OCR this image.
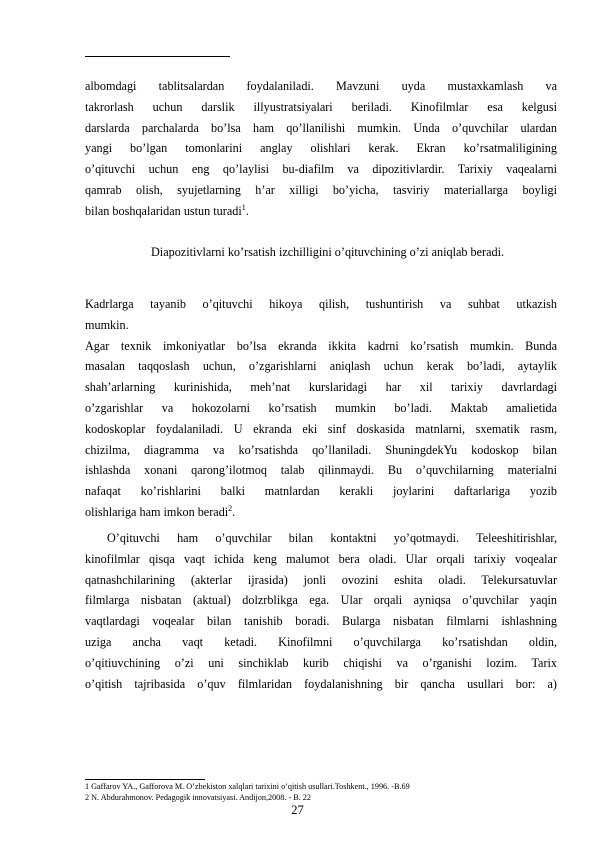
albomdagi tablitsalardan foydalaniladi. Mavzuni uyda mustaxkamlash va
takrorlash uchun darslik illyustratsiyalari beriladi. Kinofilmlar esa kelgusi
darslarda parchalarda bo’lsa ham qo’llanilishi mumkin. Unda o’quvchilar ulardan
yangi bo’lgan tomonlarini anglay olishlari kerak. Ekran ko’rsatmaliligining
o’qituvchi uchun eng qo’laylisi bu-diafilm va dipozitivlardir. Tarixiy vaqealarni
qamrab olish, syujetlarning h’ar xilligi bo’yicha, tasviriy materiallarga boyligi
bilan boshqalaridan ustun turadi$^1$.

Diapozitivlarni ko’rsatish izchilligini o’qituvchining o’zi aniqlab beradi.

Kadrlarga tayanib o’qituvchi hikoya qilish, tushuntirish va suhbat utkazish
mumkin.
Agar texnik imkoniyatlar bo’lsa ekranda ikkita kadrni ko’rsatish mumkin. Bunda
masalan taqqoslash uchun, o’zgarishlarni aniqlash uchun kerak bo’ladi, aytaylik
shah’arlarning kurinishida, meh’nat kurslaridagi har xil tarixiy davrlardagi
o’zgarishlar va hokozolarni ko’rsatish mumkin bo’ladi. Maktab amalietida
kodoskoplar foydalaniladi. U ekranda eki sinf doskasida matnlarni, sxematik rasm,
chizilma, diagramma va ko’rsatishda qo’llaniladi. ShuningdekYu kodoskop bilan
ishlashda xonani qarong’ilotmoq talab qilinmaydi. Bu o’quvchilarning materialni
nafaqat ko’rishlarini balki matnlardan kerakli joylarini daftarlariga yozib
olishlariga ham imkon beradi$^2$.

O’qituvchi ham o’quvchilar bilan kontaktni yo’qotmaydi. Teleeshitirishlar,
kinofilmlar qisqa vaqt ichida keng malumot bera oladi. Ular orqali tarixiy voqealar
qatnashchilarining (akterlar ijrasida) jonli ovozini eshita oladi. Telekursatuvlar
filmlarga nisbatan (aktual) dolzrblikga ega. Ular orqali ayniqsa o’quvchilar yaqin
vaqtlardagi voqealar bilan tanishib boradi. Bularga nisbatan filmlarni ishlashning
uziga ancha vaqt ketadi. Kinofilmni o’quvchilarga ko’rsatishdan oldin,
o’qitiuvchining o’zi uni sinchiklab kurib chiqishi va o’rganishi lozim. Tarix
o’qitish tajribasida o’quv filmlaridan foydalanishning bir qancha usullari bor: a)

1 Gaffarov YA., Gafforova M. O’zbekiston xalqlari tarixini o’qitish usullari.Toshkent., 1996. -B.69
2 N. Abdurahmonov. Pedagogik innovatsiyasi. Andijon,2008. - B. 22
27
